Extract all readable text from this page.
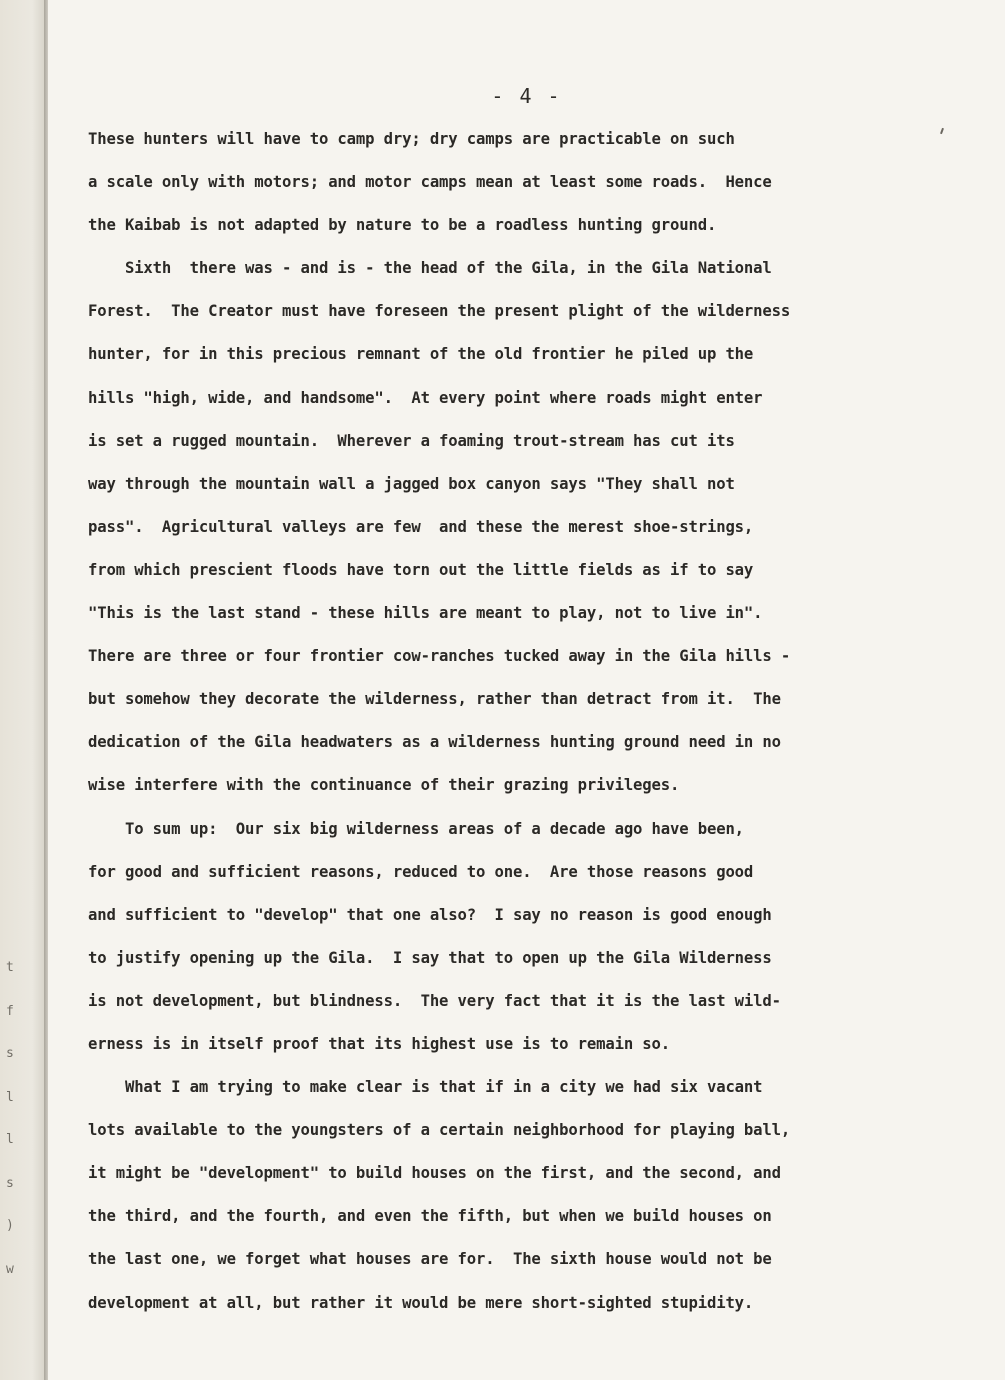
t
f
s
l
l
s
)
w
- 4 -
These hunters will have to camp dry; dry camps are practicable on such
a scale only with motors; and motor camps mean at least some roads.  Hence
the Kaibab is not adapted by nature to be a roadless hunting ground.
Sixth  there was - and is - the head of the Gila, in the Gila National
Forest.  The Creator must have foreseen the present plight of the wilderness
hunter, for in this precious remnant of the old frontier he piled up the
hills "high, wide, and handsome".  At every point where roads might enter
is set a rugged mountain.  Wherever a foaming trout-stream has cut its
way through the mountain wall a jagged box canyon says "They shall not
pass".  Agricultural valleys are few  and these the merest shoe-strings,
from which prescient floods have torn out the little fields as if to say
"This is the last stand - these hills are meant to play, not to live in".
There are three or four frontier cow-ranches tucked away in the Gila hills -
but somehow they decorate the wilderness, rather than detract from it.  The
dedication of the Gila headwaters as a wilderness hunting ground need in no
wise interfere with the continuance of their grazing privileges.
To sum up:  Our six big wilderness areas of a decade ago have been,
for good and sufficient reasons, reduced to one.  Are those reasons good
and sufficient to "develop" that one also?  I say no reason is good enough
to justify opening up the Gila.  I say that to open up the Gila Wilderness
is not development, but blindness.  The very fact that it is the last wild-
erness is in itself proof that its highest use is to remain so.
What I am trying to make clear is that if in a city we had six vacant
lots available to the youngsters of a certain neighborhood for playing ball,
it might be "development" to build houses on the first, and the second, and
the third, and the fourth, and even the fifth, but when we build houses on
the last one, we forget what houses are for.  The sixth house would not be
development at all, but rather it would be mere short-sighted stupidity.
